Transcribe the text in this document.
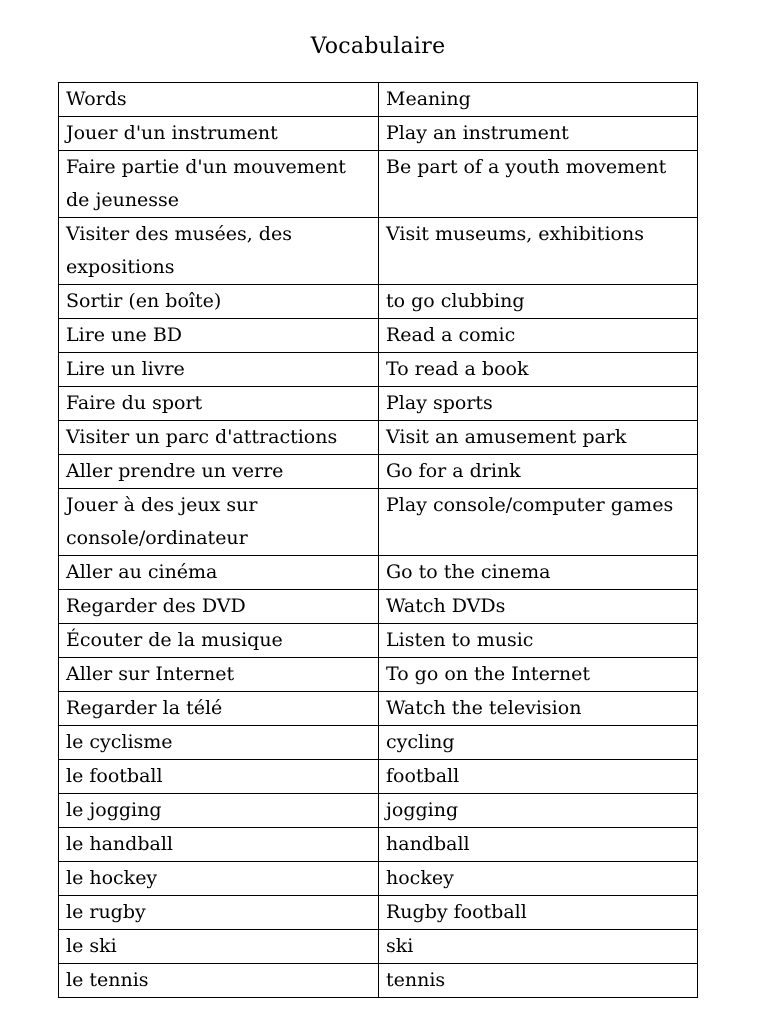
Vocabulaire
Words	Meaning
Jouer d'un instrument	Play an instrument
Faire partie d'un mouvement de jeunesse	Be part of a youth movement
Visiter des musées, des expositions	Visit museums, exhibitions
Sortir (en boîte)	to go clubbing
Lire une BD	Read a comic
Lire un livre	To read a book
Faire du sport	Play sports
Visiter un parc d'attractions	Visit an amusement park
Aller prendre un verre	Go for a drink
Jouer à des jeux sur console/ordinateur	Play console/computer games
Aller au cinéma	Go to the cinema
Regarder des DVD	Watch DVDs
Écouter de la musique	Listen to music
Aller sur Internet	To go on the Internet
Regarder la télé	Watch the television
le cyclisme	cycling
le football	football
le jogging	jogging
le handball	handball
le hockey	hockey
le rugby	Rugby football
le ski	ski
le tennis	tennis
